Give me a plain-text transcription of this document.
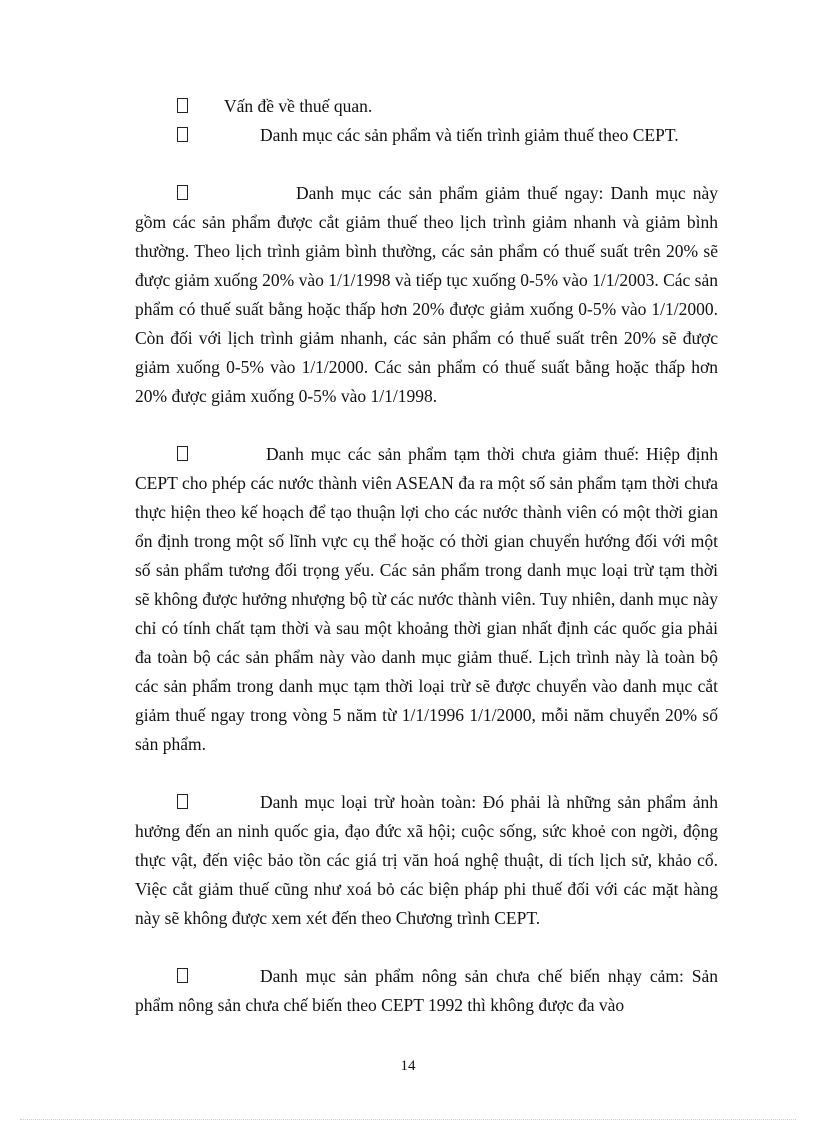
Vấn đề về thuế quan.

Danh mục các sản phẩm và tiến trình giảm thuế theo CEPT.

Danh mục các sản phẩm giảm thuế ngay: Danh mục này gồm các sản phẩm được cắt giảm thuế theo lịch trình giảm nhanh và giảm bình thường. Theo lịch trình giảm bình thường, các sản phẩm có thuế suất trên 20% sẽ được giảm xuống 20% vào 1/1/1998 và tiếp tục xuống 0-5% vào 1/1/2003. Các sản phẩm có thuế suất bằng hoặc thấp hơn 20% được giảm xuống 0-5% vào 1/1/2000. Còn đối với lịch trình giảm nhanh, các sản phẩm có thuế suất trên 20% sẽ được giảm xuống 0-5% vào 1/1/2000. Các sản phẩm có thuế suất bằng hoặc thấp hơn 20% được giảm xuống 0-5% vào 1/1/1998.

Danh mục các sản phẩm tạm thời chưa giảm thuế: Hiệp định CEPT cho phép các nước thành viên ASEAN đa ra một số sản phẩm tạm thời chưa thực hiện theo kế hoạch để tạo thuận lợi cho các nước thành viên có một thời gian ổn định trong một số lĩnh vực cụ thể hoặc có thời gian chuyển hướng đối với một số sản phẩm tương đối trọng yếu. Các sản phẩm trong danh mục loại trừ tạm thời sẽ không được hưởng nhượng bộ từ các nước thành viên. Tuy nhiên, danh mục này chỉ có tính chất tạm thời và sau một khoảng thời gian nhất định các quốc gia phải đa toàn bộ các sản phẩm này vào danh mục giảm thuế. Lịch trình này là toàn bộ các sản phẩm trong danh mục tạm thời loại trừ sẽ được chuyển vào danh mục cắt giảm thuế ngay trong vòng 5 năm từ 1/1/1996 1/1/2000, mỗi năm chuyển 20% số sản phẩm.

Danh mục loại trừ hoàn toàn: Đó phải là những sản phẩm ảnh hưởng đến an ninh quốc gia, đạo đức xã hội; cuộc sống, sức khoẻ con ngời, động thực vật, đến việc bảo tồn các giá trị văn hoá nghệ thuật, di tích lịch sử, khảo cổ. Việc cắt giảm thuế cũng như xoá bỏ các biện pháp phi thuế đối với các mặt hàng này sẽ không được xem xét đến theo Chương trình CEPT.

Danh mục sản phẩm nông sản chưa chế biến nhạy cảm: Sản phẩm nông sản chưa chế biến theo CEPT 1992 thì không được đa vào

14
